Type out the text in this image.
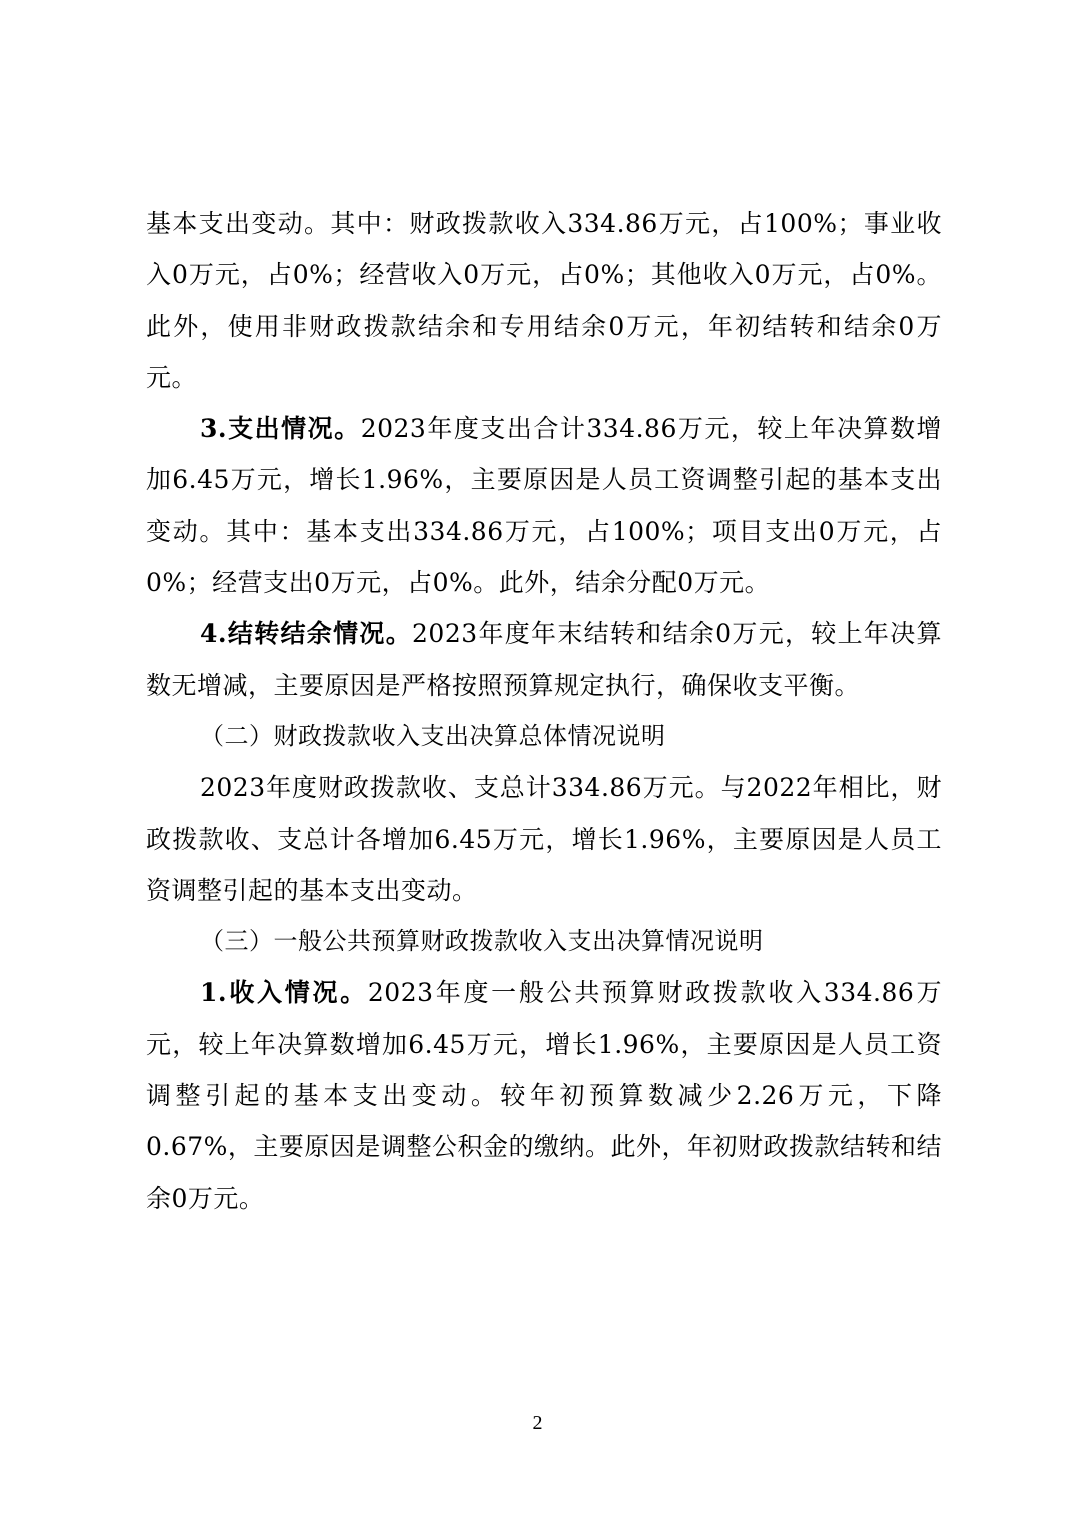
基本支出变动。其中：财政拨款收入334.86万元，占100%；事业收入0万元，占0%；经营收入0万元，占0%；其他收入0万元，占0%。此外，使用非财政拨款结余和专用结余0万元，年初结转和结余0万元。

3.支出情况。2023年度支出合计334.86万元，较上年决算数增加6.45万元，增长1.96%，主要原因是人员工资调整引起的基本支出变动。其中：基本支出334.86万元，占100%；项目支出0万元，占0%；经营支出0万元，占0%。此外，结余分配0万元。

4.结转结余情况。2023年度年末结转和结余0万元，较上年决算数无增减，主要原因是严格按照预算规定执行，确保收支平衡。

（二）财政拨款收入支出决算总体情况说明

2023年度财政拨款收、支总计334.86万元。与2022年相比，财政拨款收、支总计各增加6.45万元，增长1.96%，主要原因是人员工资调整引起的基本支出变动。

（三）一般公共预算财政拨款收入支出决算情况说明

1.收入情况。2023年度一般公共预算财政拨款收入334.86万元，较上年决算数增加6.45万元，增长1.96%，主要原因是人员工资调整引起的基本支出变动。较年初预算数减少2.26万元，下降0.67%，主要原因是调整公积金的缴纳。此外，年初财政拨款结转和结余0万元。

2
